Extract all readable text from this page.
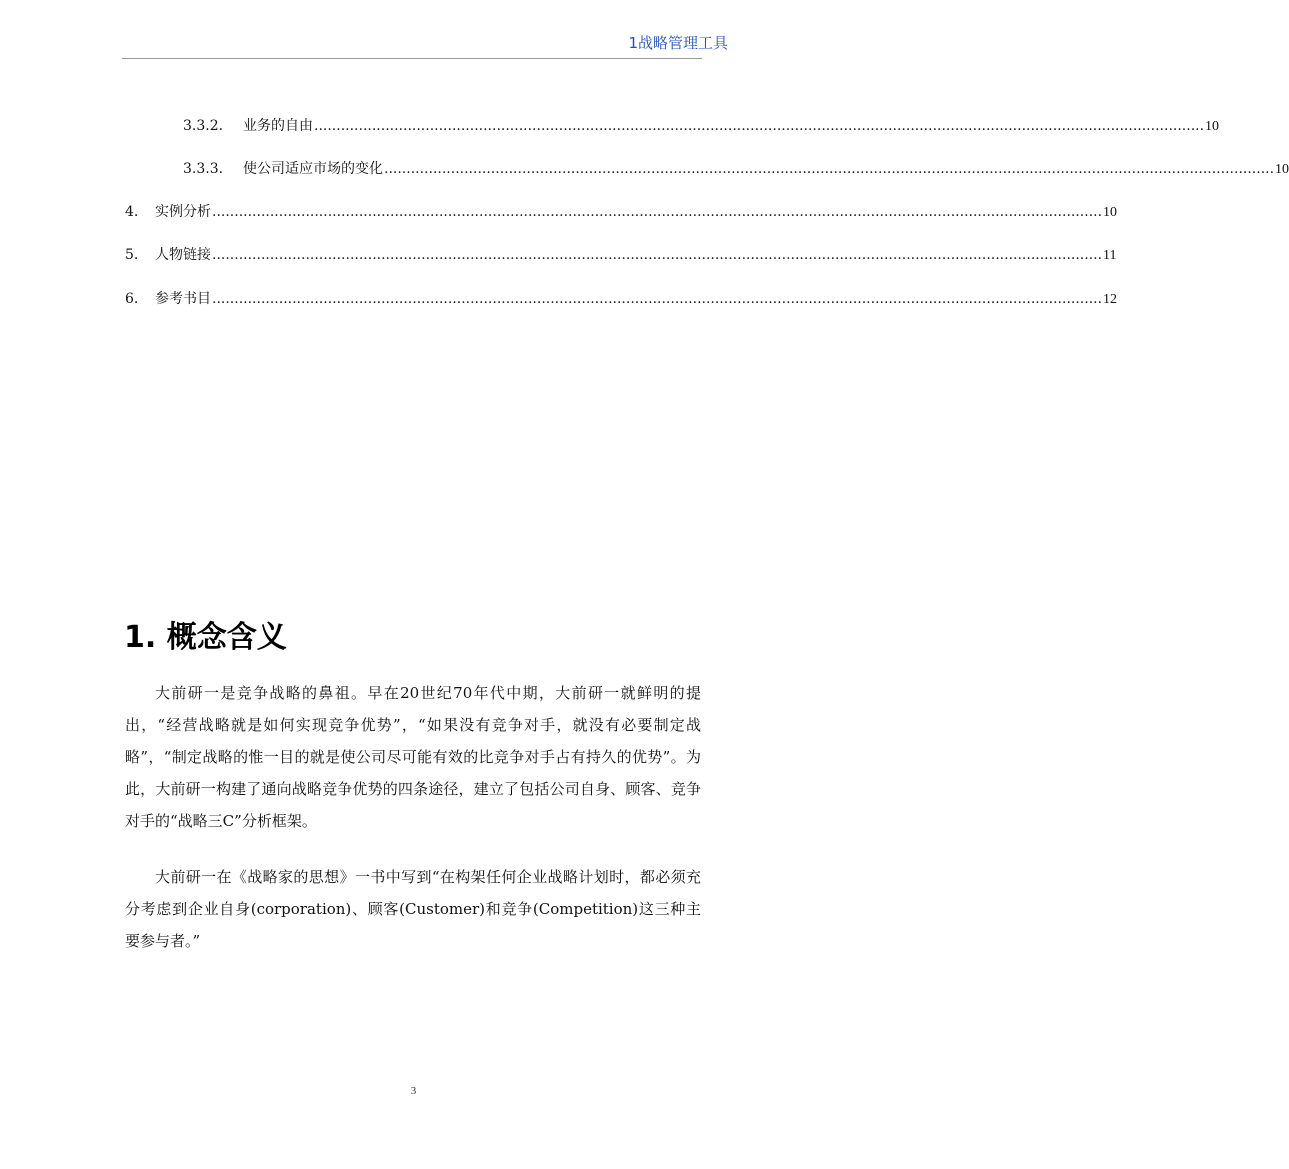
1战略管理工具
3.3.2.	业务的自由 ........................................................................................................................................................................................................ 10
3.3.3.	使公司适应市场的变化 ........................................................................................................................................................................................................ 10
4.	实例分析 ........................................................................................................................................................................................................ 10
5.	人物链接 ........................................................................................................................................................................................................ 11
6.	参考书目 ........................................................................................................................................................................................................ 12
1. 概念含义

大前研一是竞争战略的鼻祖。早在20世纪70年代中期，大前研一就鲜明的提出，“经营战略就是如何实现竞争优势”，“如果没有竞争对手，就没有必要制定战略”，“制定战略的惟一目的就是使公司尽可能有效的比竞争对手占有持久的优势”。为此，大前研一构建了通向战略竞争优势的四条途径，建立了包括公司自身、顾客、竞争对手的“战略三C”分析框架。

大前研一在《战略家的思想》一书中写到“在构架任何企业战略计划时，都必须充分考虑到企业自身(corporation)、顾客(Customer)和竞争(Competition)这三种主要参与者。”

3
